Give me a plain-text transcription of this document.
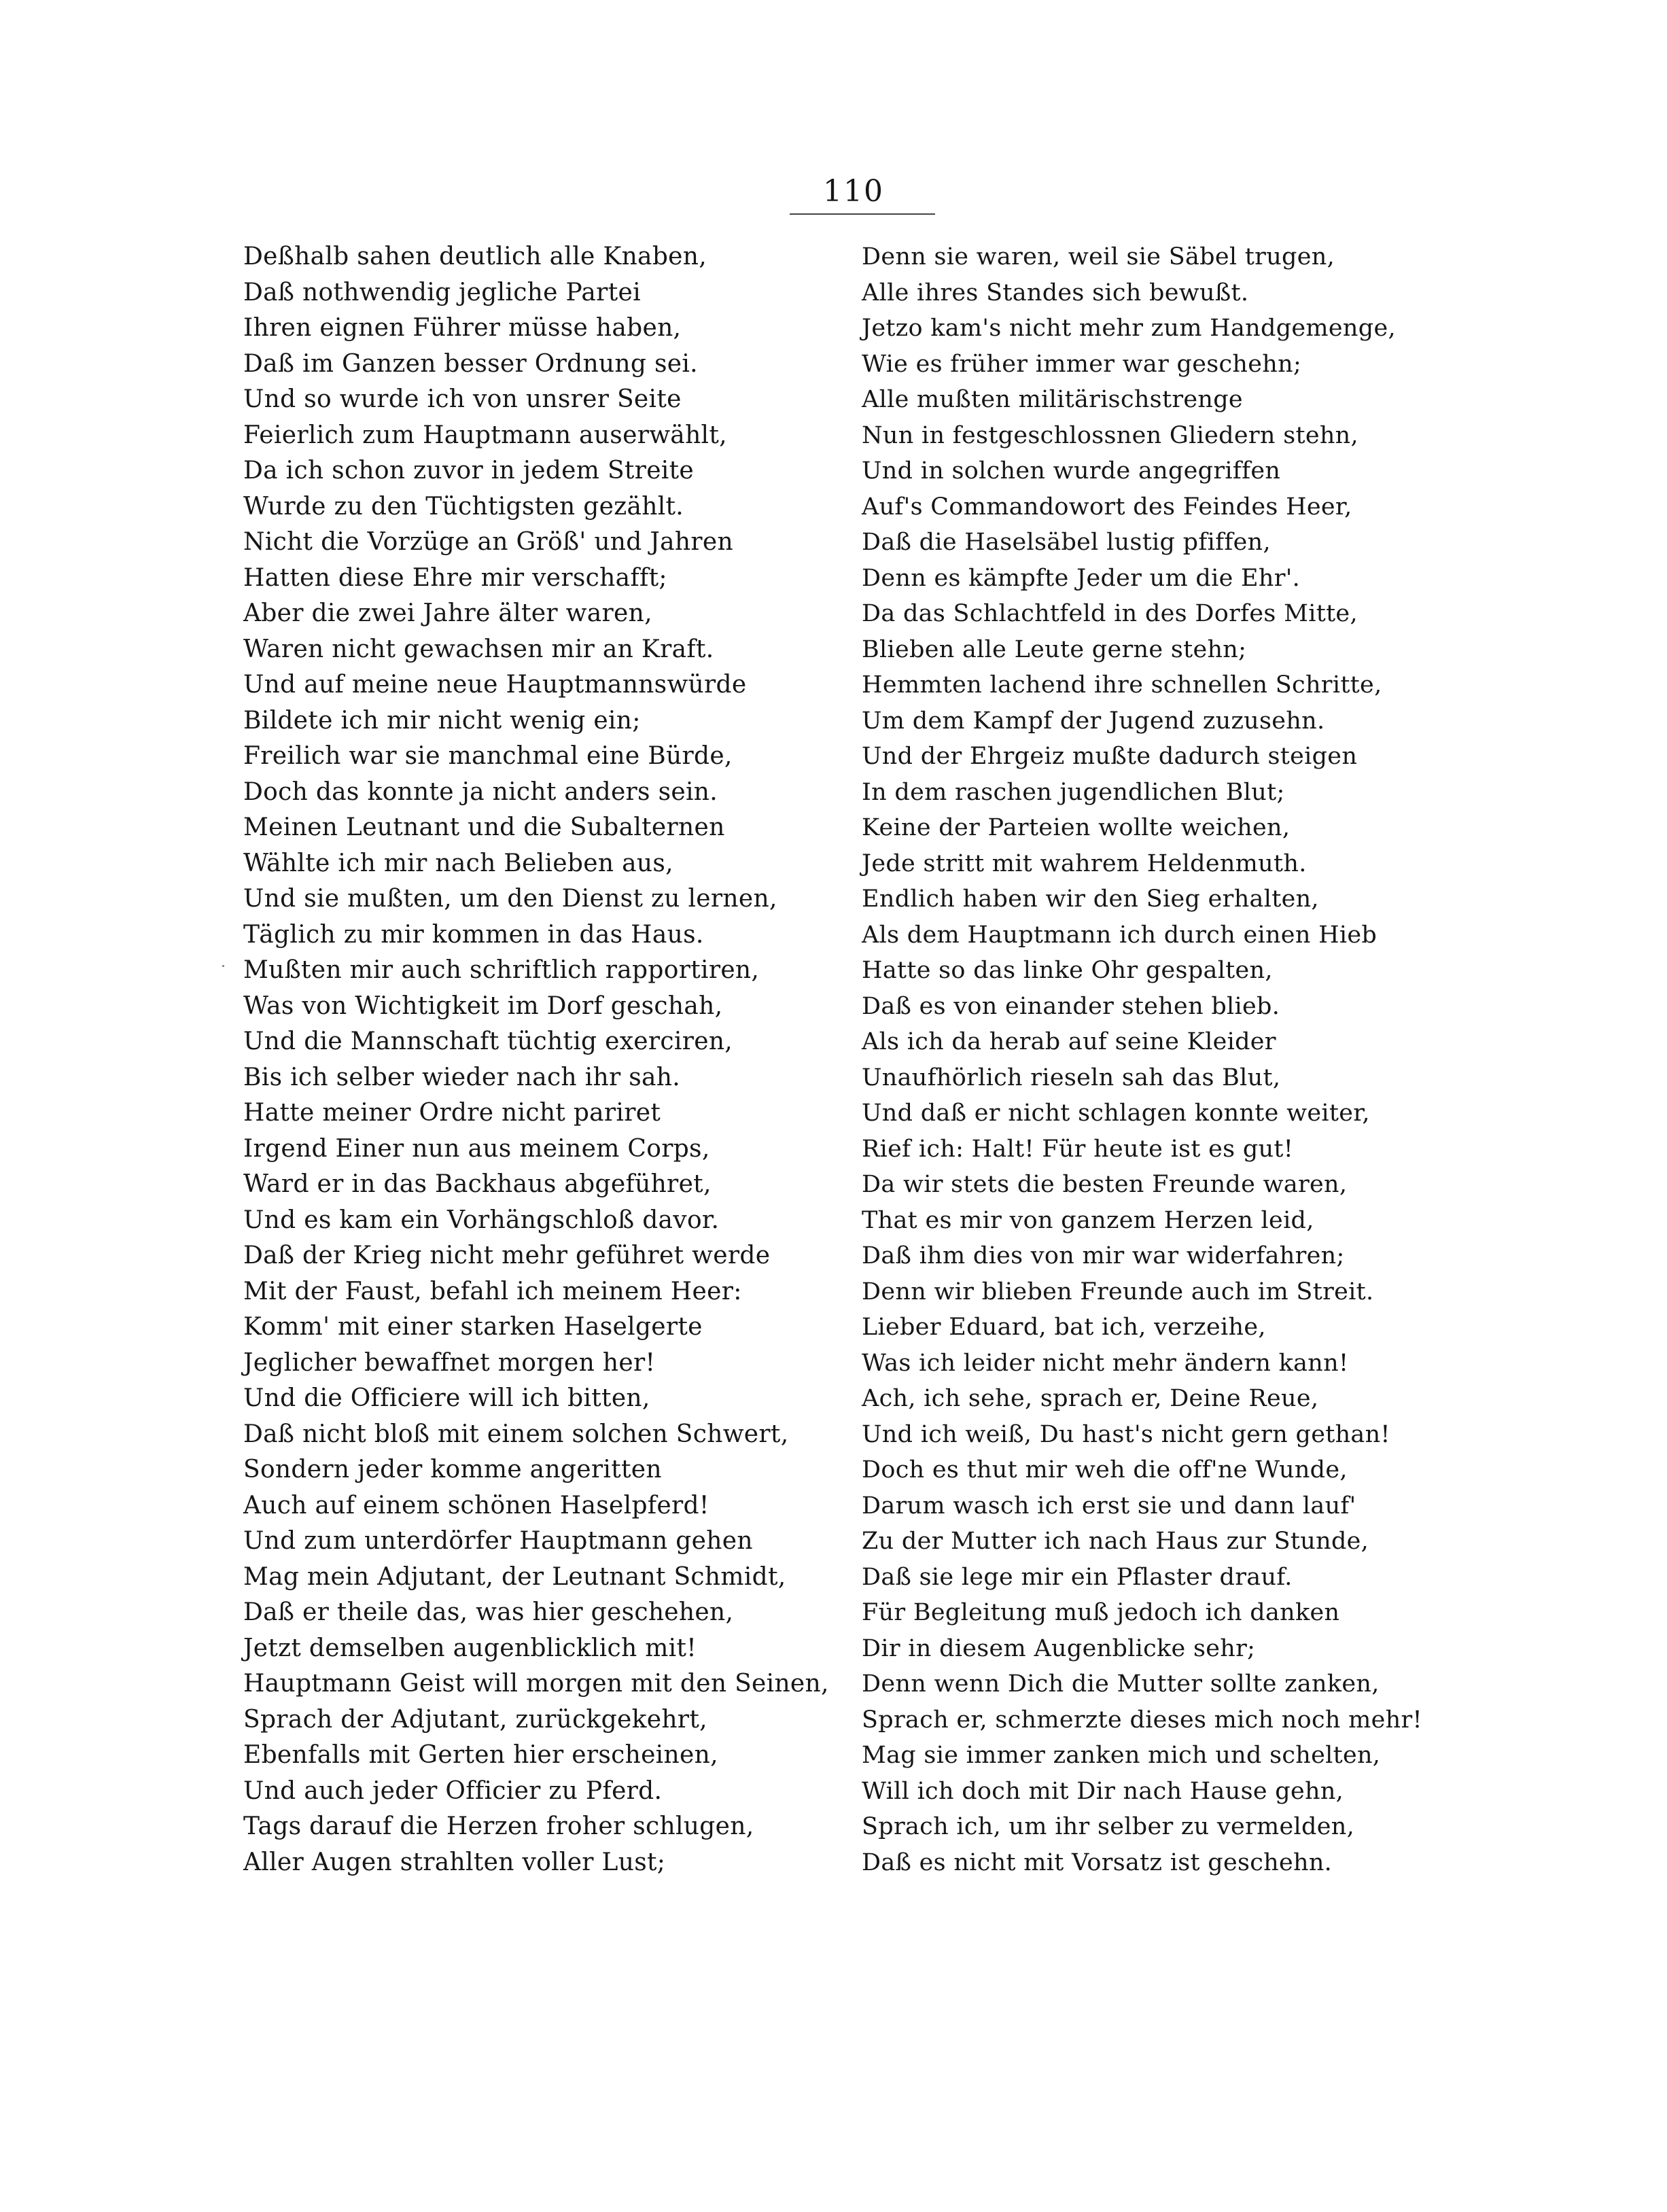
110
Deßhalb sahen deutlich alle Knaben,
Daß nothwendig jegliche Partei
Ihren eignen Führer müsse haben,
Daß im Ganzen besser Ordnung sei.
Und so wurde ich von unsrer Seite
Feierlich zum Hauptmann auserwählt,
Da ich schon zuvor in jedem Streite
Wurde zu den Tüchtigsten gezählt.
Nicht die Vorzüge an Größ' und Jahren
Hatten diese Ehre mir verschafft;
Aber die zwei Jahre älter waren,
Waren nicht gewachsen mir an Kraft.
Und auf meine neue Hauptmannswürde
Bildete ich mir nicht wenig ein;
Freilich war sie manchmal eine Bürde,
Doch das konnte ja nicht anders sein.
Meinen Leutnant und die Subalternen
Wählte ich mir nach Belieben aus,
Und sie mußten, um den Dienst zu lernen,
Täglich zu mir kommen in das Haus.
Mußten mir auch schriftlich rapportiren,
Was von Wichtigkeit im Dorf geschah,
Und die Mannschaft tüchtig exerciren,
Bis ich selber wieder nach ihr sah.
Hatte meiner Ordre nicht pariret
Irgend Einer nun aus meinem Corps,
Ward er in das Backhaus abgeführet,
Und es kam ein Vorhängschloß davor.
Daß der Krieg nicht mehr geführet werde
Mit der Faust, befahl ich meinem Heer:
Komm' mit einer starken Haselgerte
Jeglicher bewaffnet morgen her!
Und die Officiere will ich bitten,
Daß nicht bloß mit einem solchen Schwert,
Sondern jeder komme angeritten
Auch auf einem schönen Haselpferd!
Und zum unterdörfer Hauptmann gehen
Mag mein Adjutant, der Leutnant Schmidt,
Daß er theile das, was hier geschehen,
Jetzt demselben augenblicklich mit!
Hauptmann Geist will morgen mit den Seinen,
Sprach der Adjutant, zurückgekehrt,
Ebenfalls mit Gerten hier erscheinen,
Und auch jeder Officier zu Pferd.
Tags darauf die Herzen froher schlugen,
Aller Augen strahlten voller Lust;
Denn sie waren, weil sie Säbel trugen,
Alle ihres Standes sich bewußt.
Jetzo kam's nicht mehr zum Handgemenge,
Wie es früher immer war geschehn;
Alle mußten militärischstrenge
Nun in festgeschlossnen Gliedern stehn,
Und in solchen wurde angegriffen
Auf's Commandowort des Feindes Heer,
Daß die Haselsäbel lustig pfiffen,
Denn es kämpfte Jeder um die Ehr'.
Da das Schlachtfeld in des Dorfes Mitte,
Blieben alle Leute gerne stehn;
Hemmten lachend ihre schnellen Schritte,
Um dem Kampf der Jugend zuzusehn.
Und der Ehrgeiz mußte dadurch steigen
In dem raschen jugendlichen Blut;
Keine der Parteien wollte weichen,
Jede stritt mit wahrem Heldenmuth.
Endlich haben wir den Sieg erhalten,
Als dem Hauptmann ich durch einen Hieb
Hatte so das linke Ohr gespalten,
Daß es von einander stehen blieb.
Als ich da herab auf seine Kleider
Unaufhörlich rieseln sah das Blut,
Und daß er nicht schlagen konnte weiter,
Rief ich: Halt! Für heute ist es gut!
Da wir stets die besten Freunde waren,
That es mir von ganzem Herzen leid,
Daß ihm dies von mir war widerfahren;
Denn wir blieben Freunde auch im Streit.
Lieber Eduard, bat ich, verzeihe,
Was ich leider nicht mehr ändern kann!
Ach, ich sehe, sprach er, Deine Reue,
Und ich weiß, Du hast's nicht gern gethan!
Doch es thut mir weh die off'ne Wunde,
Darum wasch ich erst sie und dann lauf'
Zu der Mutter ich nach Haus zur Stunde,
Daß sie lege mir ein Pflaster drauf.
Für Begleitung muß jedoch ich danken
Dir in diesem Augenblicke sehr;
Denn wenn Dich die Mutter sollte zanken,
Sprach er, schmerzte dieses mich noch mehr!
Mag sie immer zanken mich und schelten,
Will ich doch mit Dir nach Hause gehn,
Sprach ich, um ihr selber zu vermelden,
Daß es nicht mit Vorsatz ist geschehn.
